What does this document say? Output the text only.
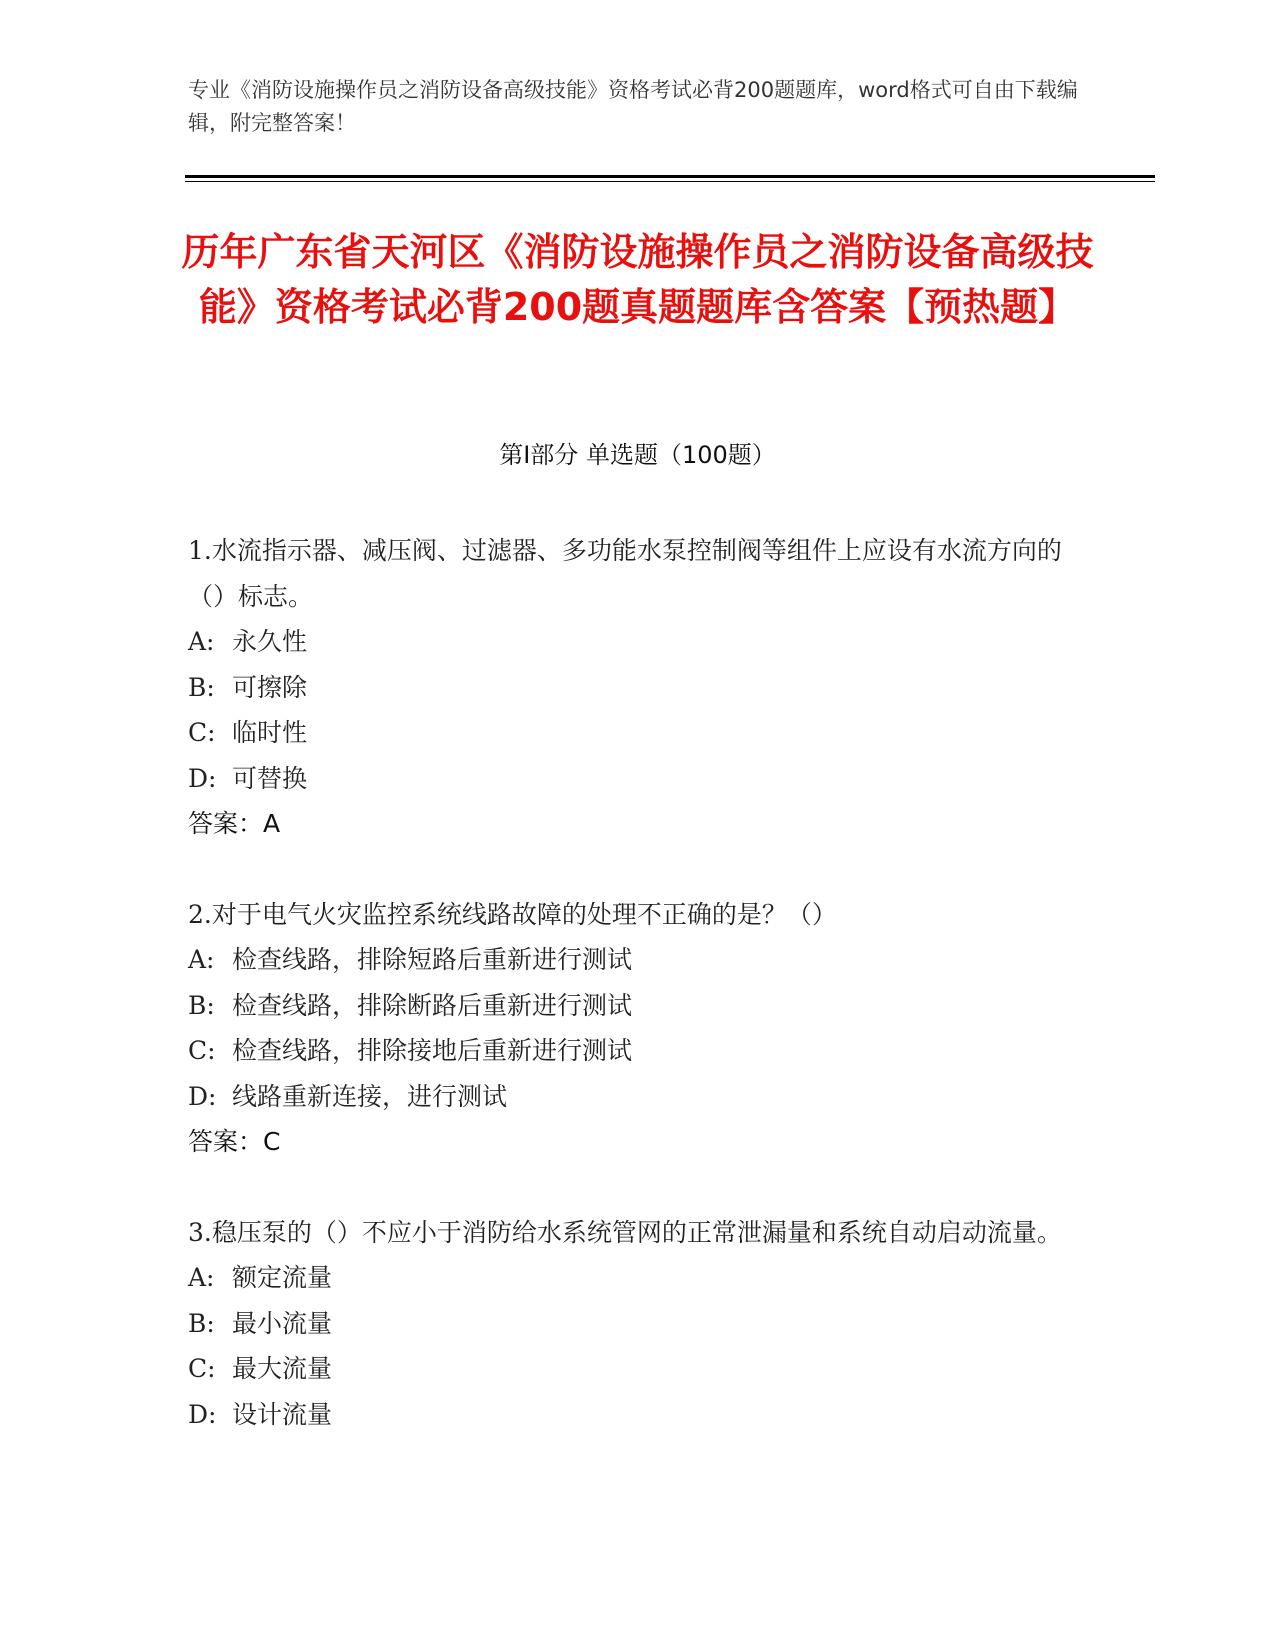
专业《消防设施操作员之消防设备高级技能》资格考试必背200题题库，word格式可自由下载编辑，附完整答案！
历年广东省天河区《消防设施操作员之消防设备高级技能》资格考试必背200题真题题库含答案【预热题】
第I部分 单选题（100题）

1.水流指示器、减压阀、过滤器、多功能水泵控制阀等组件上应设有水流方向的（）标志。

A: 永久性

B: 可擦除

C: 临时性

D: 可替换

答案：A

2.对于电气火灾监控系统线路故障的处理不正确的是？（）

A: 检查线路，排除短路后重新进行测试

B: 检查线路，排除断路后重新进行测试

C: 检查线路，排除接地后重新进行测试

D: 线路重新连接，进行测试

答案：C

3.稳压泵的（）不应小于消防给水系统管网的正常泄漏量和系统自动启动流量。

A: 额定流量

B: 最小流量

C: 最大流量

D: 设计流量
